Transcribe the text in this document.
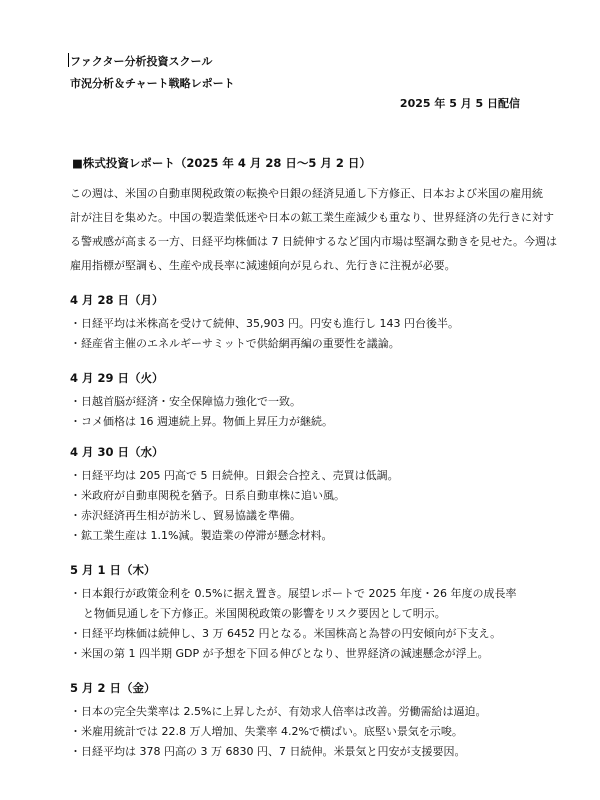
ファクター分析投資スクール
市況分析＆チャート戦略レポート
2025 年 5 月 5 日配信
■株式投資レポート（2025 年 4 月 28 日〜5 月 2 日）
この週は、米国の自動車関税政策の転換や日銀の経済見通し下方修正、日本および米国の雇用統
計が注目を集めた。中国の製造業低迷や日本の鉱工業生産減少も重なり、世界経済の先行きに対す
る警戒感が高まる一方、日経平均株価は 7 日続伸するなど国内市場は堅調な動きを見せた。今週は
雇用指標が堅調も、生産や成長率に減速傾向が見られ、先行きに注視が必要。
4 月 28 日（月）
・日経平均は米株高を受けて続伸、35,903 円。円安も進行し 143 円台後半。
・経産省主催のエネルギーサミットで供給網再編の重要性を議論。
4 月 29 日（火）
・日越首脳が経済・安全保障協力強化で一致。
・コメ価格は 16 週連続上昇。物価上昇圧力が継続。
4 月 30 日（水）
・日経平均は 205 円高で 5 日続伸。日銀会合控え、売買は低調。
・米政府が自動車関税を猶予。日系自動車株に追い風。
・赤沢経済再生相が訪米し、貿易協議を準備。
・鉱工業生産は 1.1%減。製造業の停滞が懸念材料。
5 月 1 日（木）
・日本銀行が政策金利を 0.5%に据え置き。展望レポートで 2025 年度・26 年度の成長率
と物価見通しを下方修正。米国関税政策の影響をリスク要因として明示。
・日経平均株価は続伸し、3 万 6452 円となる。米国株高と為替の円安傾向が下支え。
・米国の第 1 四半期 GDP が予想を下回る伸びとなり、世界経済の減速懸念が浮上。
5 月 2 日（金）
・日本の完全失業率は 2.5%に上昇したが、有効求人倍率は改善。労働需給は逼迫。
・米雇用統計では 22.8 万人増加、失業率 4.2%で横ばい。底堅い景気を示唆。
・日経平均は 378 円高の 3 万 6830 円、7 日続伸。米景気と円安が支援要因。
